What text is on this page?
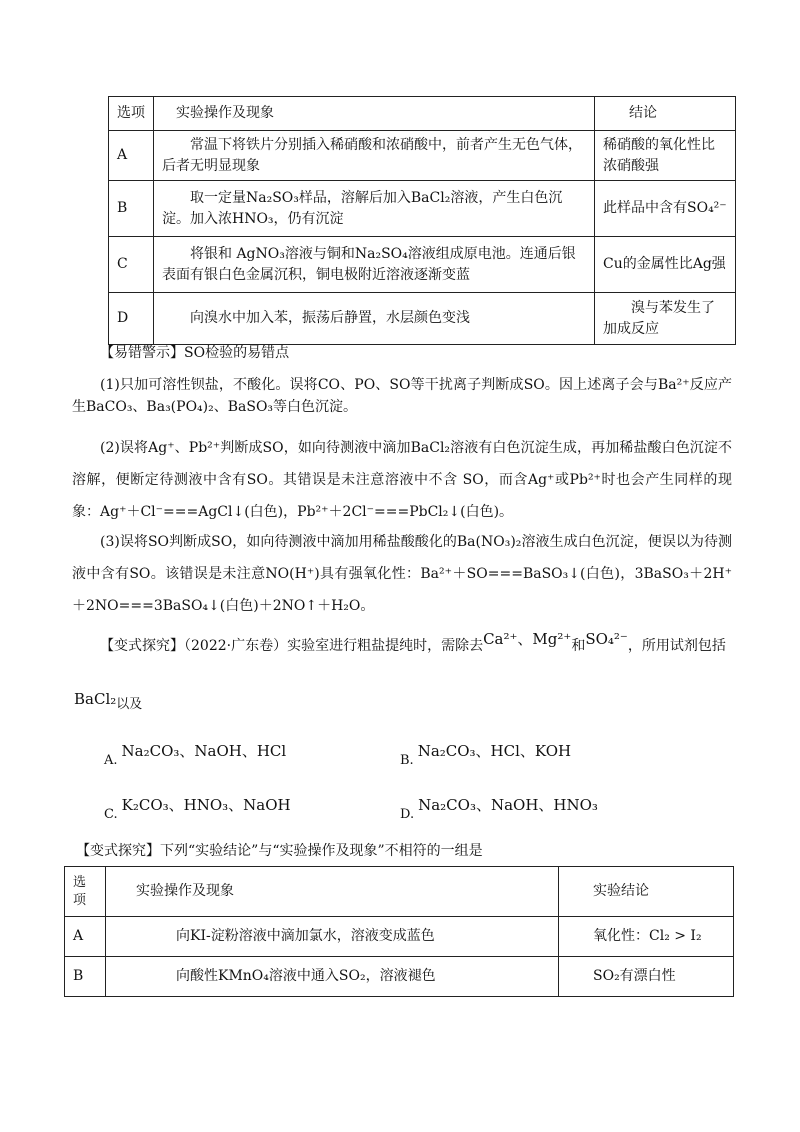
选项	实验操作及现象	结论
A	常温下将铁片分别插入稀硝酸和浓硝酸中，前者产生无色气体，后者无明显现象	稀硝酸的氧化性比浓硝酸强
B	取一定量Na₂SO₃样品，溶解后加入BaCl₂溶液，产生白色沉淀。加入浓HNO₃，仍有沉淀	此样品中含有SO₄²⁻
C	将银和 AgNO₃溶液与铜和Na₂SO₄溶液组成原电池。连通后银表面有银白色金属沉积，铜电极附近溶液逐渐变蓝	Cu的金属性比Ag强
D	向溴水中加入苯，振荡后静置，水层颜色变浅	溴与苯发生了加成反应
【易错警示】SO检验的易错点
(1)只加可溶性钡盐，不酸化。误将CO、PO、SO等干扰离子判断成SO。因上述离子会与Ba²⁺反应产生BaCO₃、Ba₃(PO₄)₂、BaSO₃等白色沉淀。
(2)误将Ag⁺、Pb²⁺判断成SO，如向待测液中滴加BaCl₂溶液有白色沉淀生成，再加稀盐酸白色沉淀不溶解，便断定待测液中含有SO。其错误是未注意溶液中不含 SO，而含Ag⁺或Pb²⁺时也会产生同样的现象：Ag⁺＋Cl⁻===AgCl↓(白色)，Pb²⁺＋2Cl⁻===PbCl₂↓(白色)。
(3)误将SO判断成SO，如向待测液中滴加用稀盐酸酸化的Ba(NO₃)₂溶液生成白色沉淀，便误以为待测液中含有SO。该错误是未注意NO(H⁺)具有强氧化性：Ba²⁺＋SO===BaSO₃↓(白色)，3BaSO₃＋2H⁺＋2NO===3BaSO₄↓(白色)＋2NO↑＋H₂O。
【变式探究】（2022·广东卷）实验室进行粗盐提纯时，需除去Ca²⁺、Mg²⁺和SO₄²⁻，所用试剂包括
BaCl₂以及
A.Na₂CO₃、NaOH、HCl
B.Na₂CO₃、HCl、KOH
C.K₂CO₃、HNO₃、NaOH
D.Na₂CO₃、NaOH、HNO₃
【变式探究】下列“实验结论”与“实验操作及现象”不相符的一组是
选项	实验操作及现象	实验结论
A	向KI-淀粉溶液中滴加氯水，溶液变成蓝色	氧化性：Cl₂ > I₂
B	向酸性KMnO₄溶液中通入SO₂，溶液褪色	SO₂有漂白性
